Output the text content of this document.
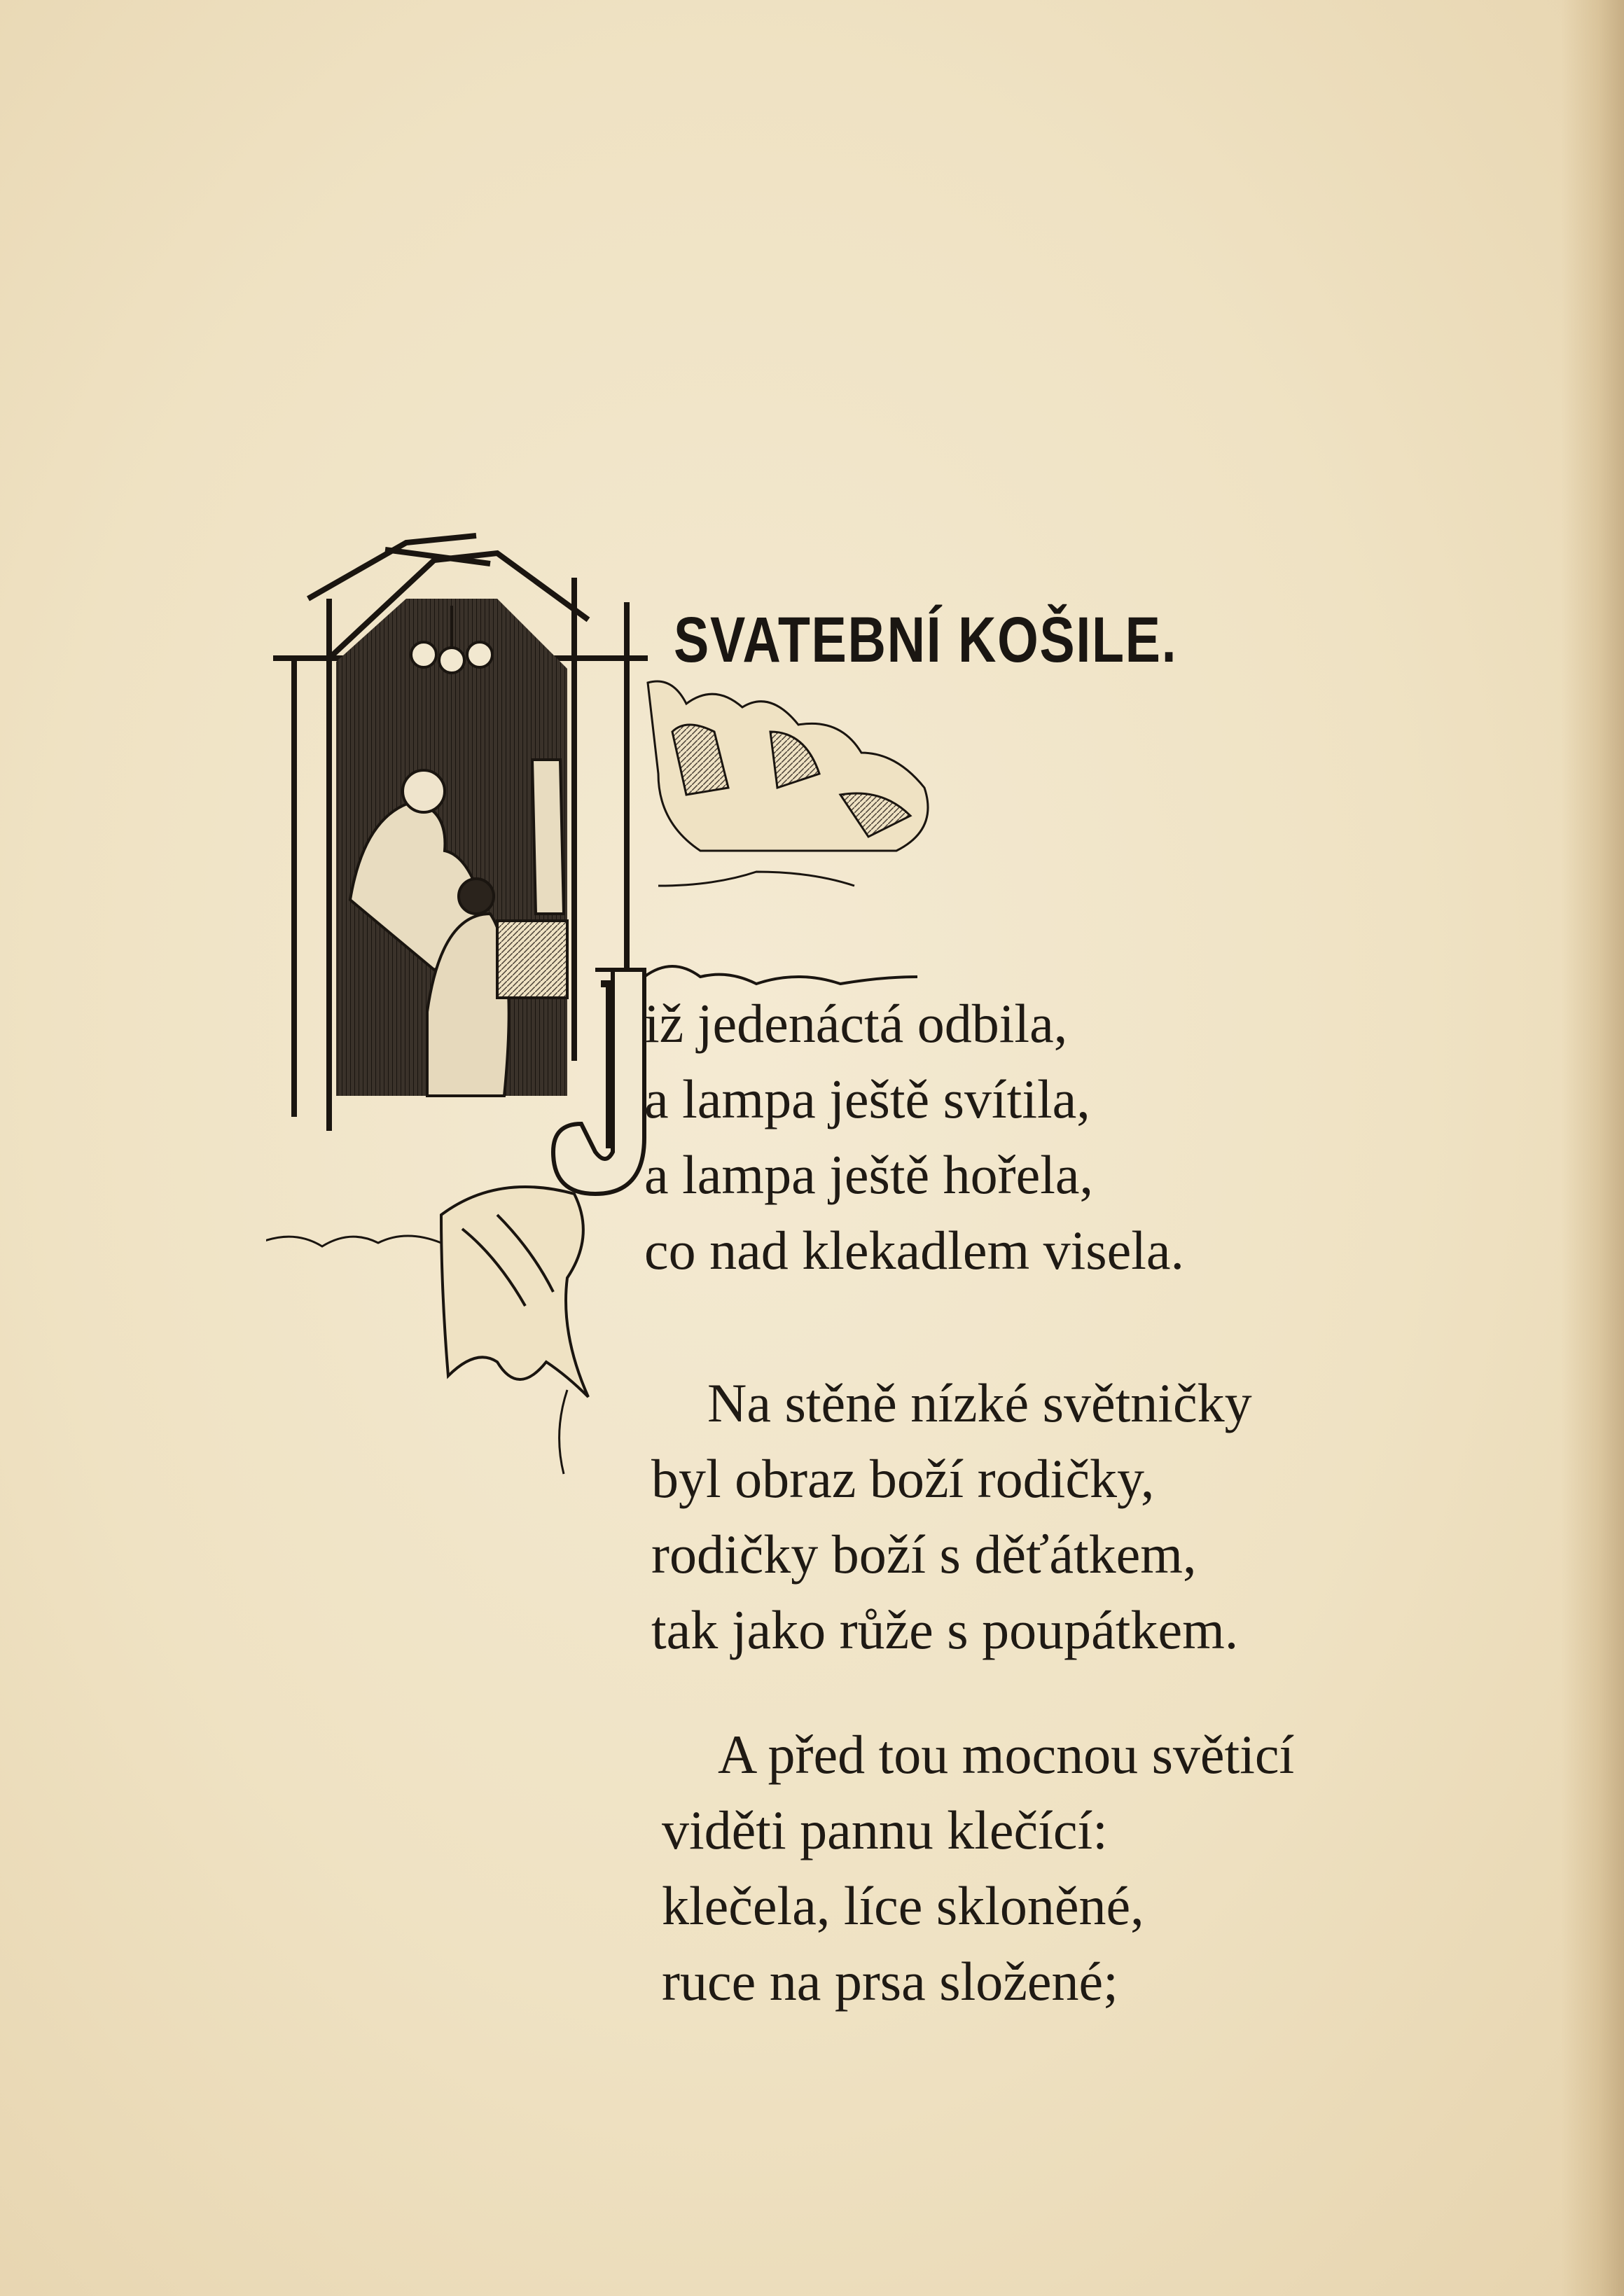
SVATEBNÍ KOŠILE.
iž jedenáctá odbila,
a lampa ještě svítila,
a lampa ještě hořela,
co nad klekadlem visela.
Na stěně nízké světničky
byl obraz boží rodičky,
rodičky boží s děťátkem,
tak jako růže s poupátkem.
A před tou mocnou světicí
viděti pannu klečící:
klečela, líce skloněné,
ruce na prsa složené;
